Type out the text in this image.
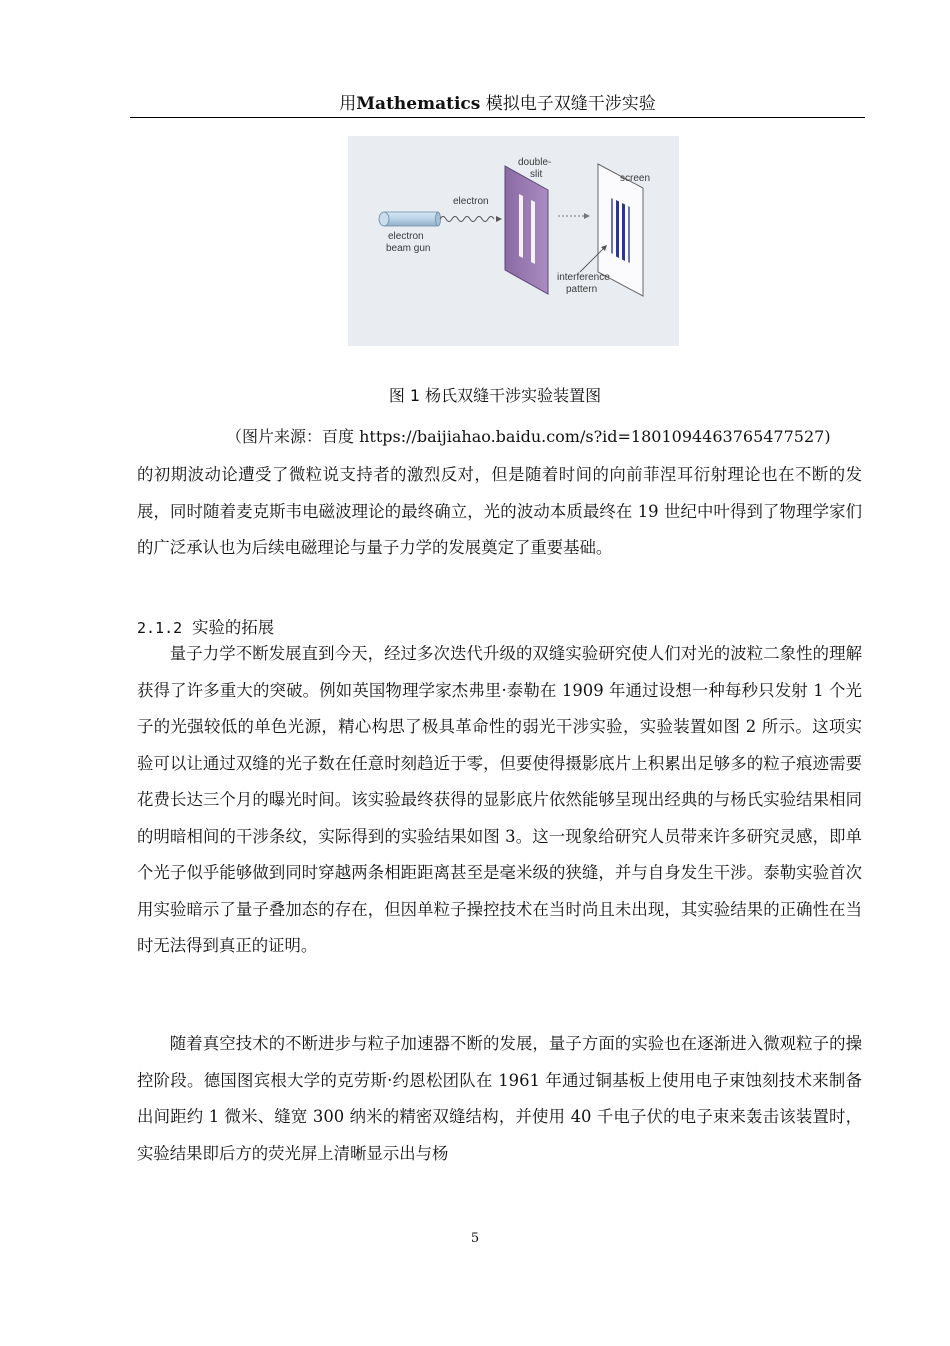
用Mathematics 模拟电子双缝干涉实验
electron
beam gun
electron
double-
slit	screen
interference
pattern
图 1 杨氏双缝干涉实验装置图
（图片来源：百度 https://baijiahao.baidu.com/s?id=1801094463765477527)

的初期波动论遭受了微粒说支持者的激烈反对，但是随着时间的向前菲涅耳衍射理论也在不断的发展，同时随着麦克斯韦电磁波理论的最终确立，光的波动本质最终在 19 世纪中叶得到了物理学家们的广泛承认也为后续电磁理论与量子力学的发展奠定了重要基础。

2.1.2 实验的拓展

量子力学不断发展直到今天，经过多次迭代升级的双缝实验研究使人们对光的波粒二象性的理解获得了许多重大的突破。例如英国物理学家杰弗里·泰勒在 1909 年通过设想一种每秒只发射 1 个光子的光强较低的单色光源，精心构思了极具革命性的弱光干涉实验，实验装置如图 2 所示。这项实验可以让通过双缝的光子数在任意时刻趋近于零，但要使得摄影底片上积累出足够多的粒子痕迹需要花费长达三个月的曝光时间。该实验最终获得的显影底片依然能够呈现出经典的与杨氏实验结果相同的明暗相间的干涉条纹，实际得到的实验结果如图 3。这一现象给研究人员带来许多研究灵感，即单个光子似乎能够做到同时穿越两条相距距离甚至是毫米级的狭缝，并与自身发生干涉。泰勒实验首次用实验暗示了量子叠加态的存在，但因单粒子操控技术在当时尚且未出现，其实验结果的正确性在当时无法得到真正的证明。

随着真空技术的不断进步与粒子加速器不断的发展，量子方面的实验也在逐渐进入微观粒子的操控阶段。德国图宾根大学的克劳斯·约恩松团队在 1961 年通过铜基板上使用电子束蚀刻技术来制备出间距约 1 微米、缝宽 300 纳米的精密双缝结构，并使用 40 千电子伏的电子束来轰击该装置时，实验结果即后方的荧光屏上清晰显示出与杨

5
